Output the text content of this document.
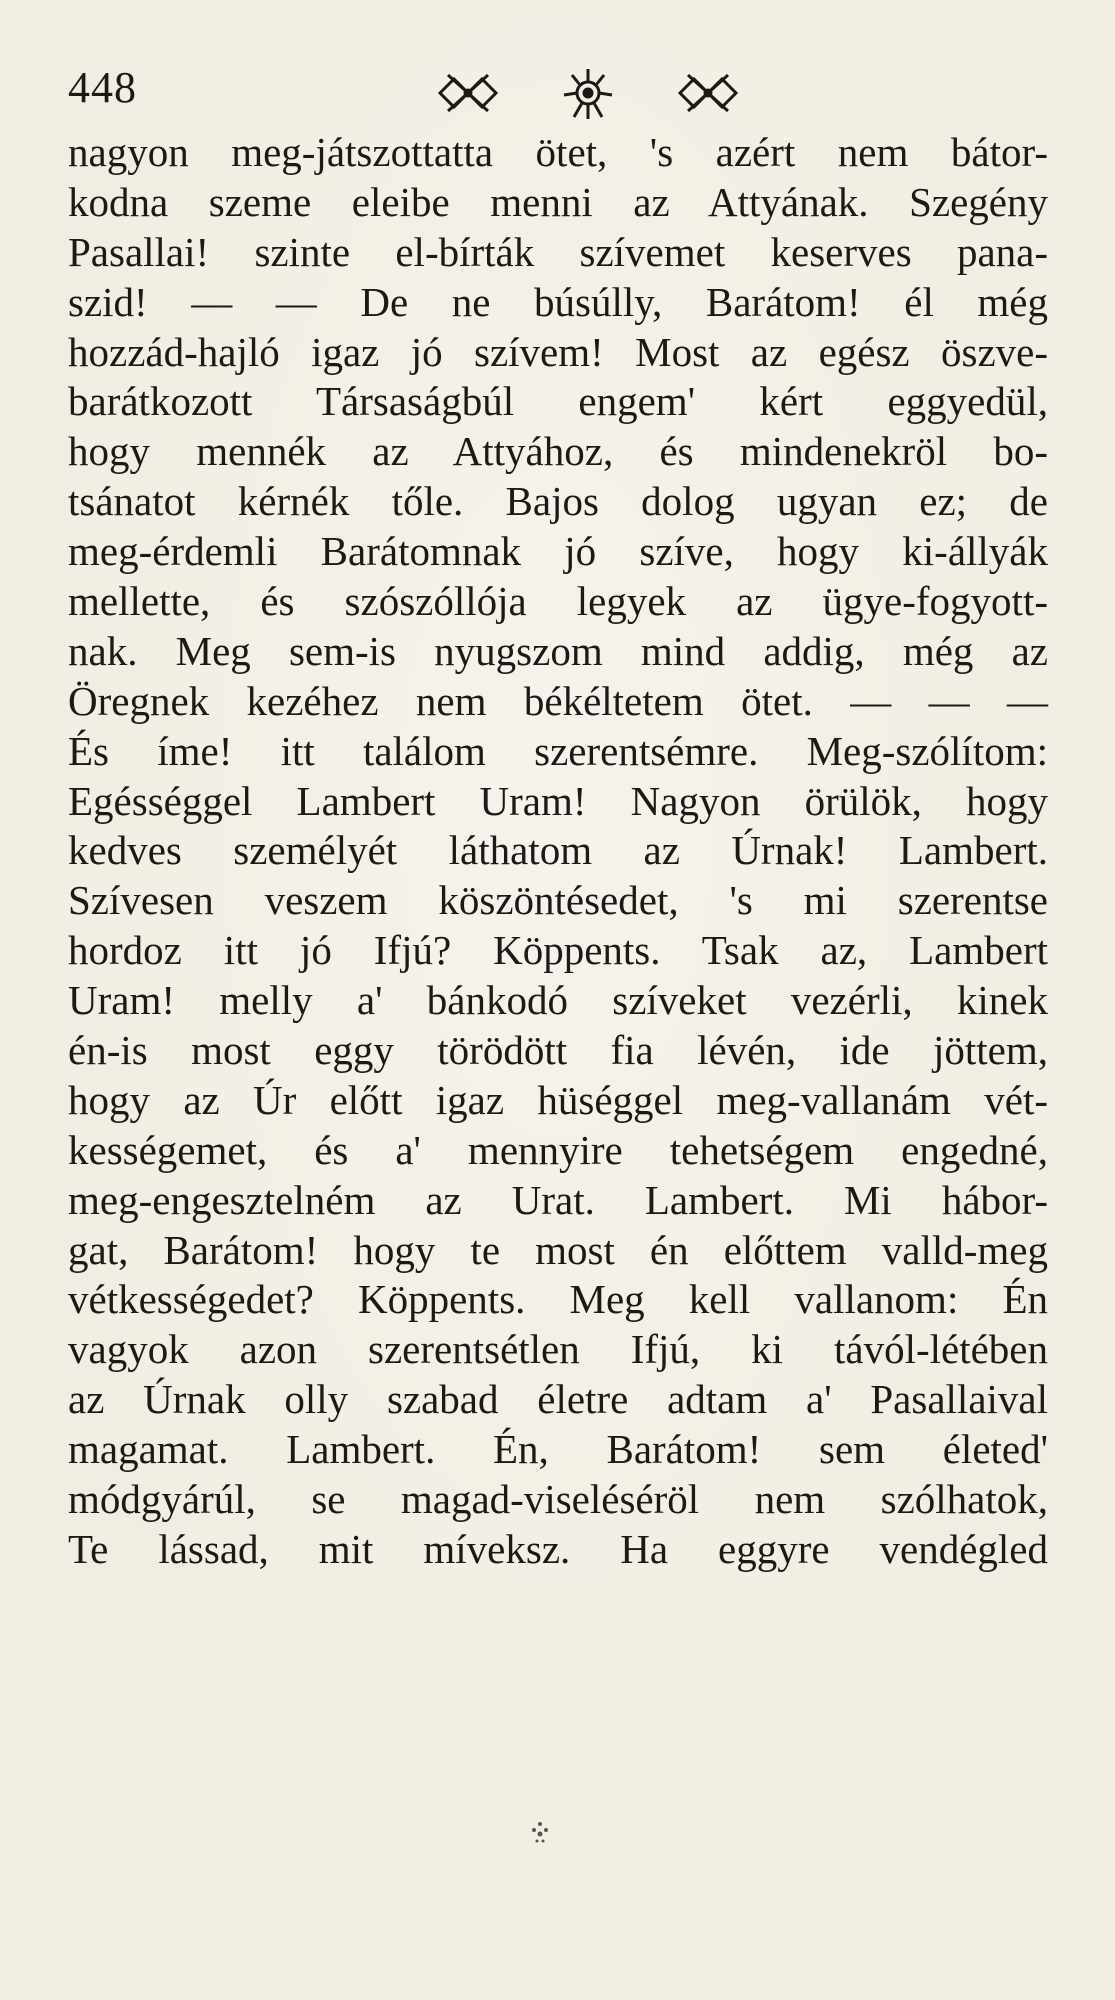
448
nagyon meg-játszottatta ötet, 's azért nem bátor-
kodna szeme eleibe menni az Attyának. Szegény
Pasallai! szinte el-bírták szívemet keserves pana-
szid! — — De ne búsúlly, Barátom! él még
hozzád-hajló igaz jó szívem! Most az egész öszve-
barátkozott Társaságbúl engem' kért eggyedül,
hogy mennék az Attyához, és mindenekröl bo-
tsánatot kérnék tőle. Bajos dolog ugyan ez; de
meg-érdemli Barátomnak jó szíve, hogy ki-állyák
mellette, és szószóllója legyek az ügye-fogyott-
nak. Meg sem-is nyugszom mind addig, még az
Öregnek kezéhez nem békéltetem ötet. — — —
És íme! itt találom szerentsémre. Meg-szólítom:
Egésséggel Lambert Uram! Nagyon örülök, hogy
kedves személyét láthatom az Úrnak! Lambert.
Szívesen veszem köszöntésedet, 's mi szerentse
hordoz itt jó Ifjú? Köppents. Tsak az, Lambert
Uram! melly a' bánkodó szíveket vezérli, kinek
én-is most eggy törödött fia lévén, ide jöttem,
hogy az Úr előtt igaz hüséggel meg-vallanám vét-
kességemet, és a' mennyire tehetségem engedné,
meg-engesztelném az Urat. Lambert. Mi hábor-
gat, Barátom! hogy te most én előttem valld-meg
vétkességedet? Köppents. Meg kell vallanom: Én
vagyok azon szerentsétlen Ifjú, ki távól-létében
az Úrnak olly szabad életre adtam a' Pasallaival
magamat. Lambert. Én, Barátom! sem életed'
módgyárúl, se magad-viseléséröl nem szólhatok,
Te lássad, mit míveksz. Ha eggyre vendégled
